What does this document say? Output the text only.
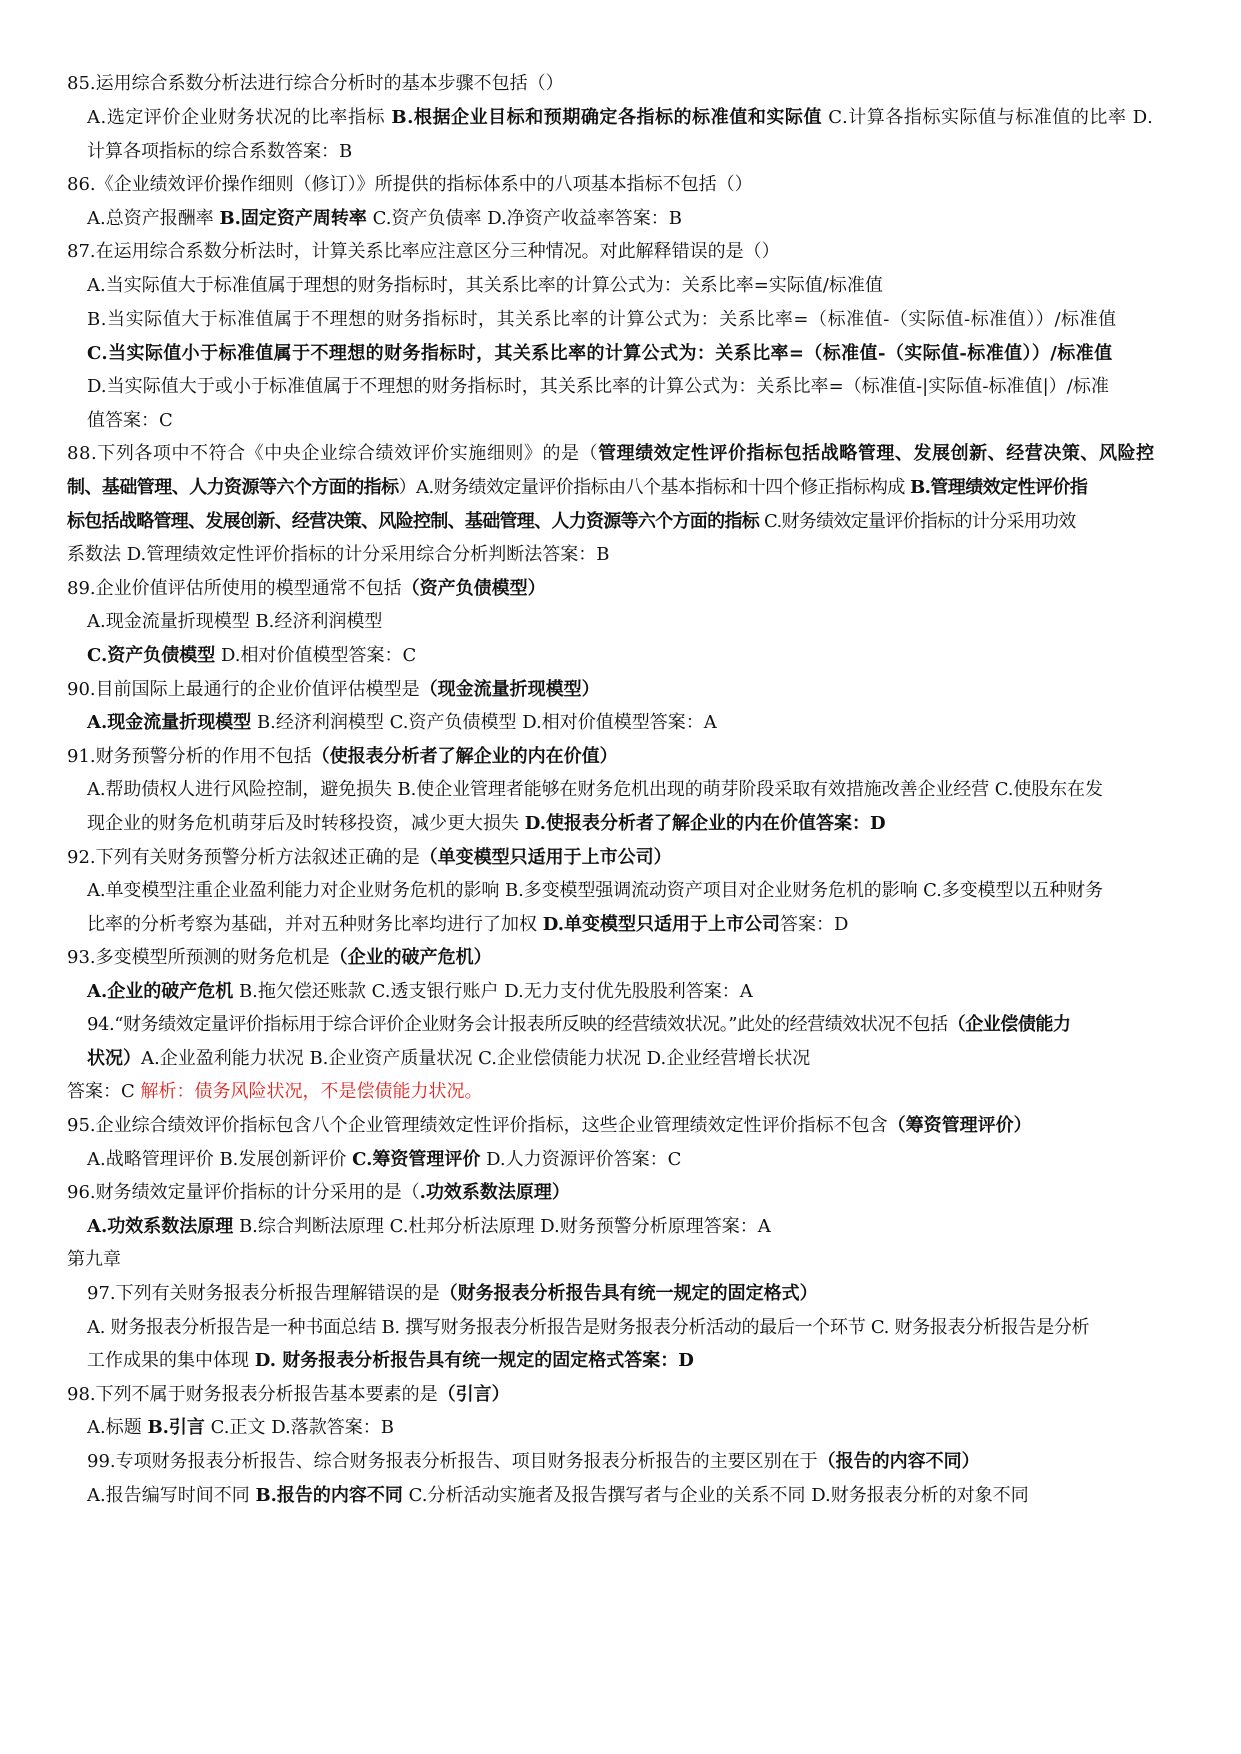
85.运用综合系数分析法进行综合分析时的基本步骤不包括（）
A.选定评价企业财务状况的比率指标 B.根据企业目标和预期确定各指标的标准值和实际值 C.计算各指标实际值与标准值的比率 D.
计算各项指标的综合系数答案：B
86.《企业绩效评价操作细则（修订）》所提供的指标体系中的八项基本指标不包括（）
A.总资产报酬率 B.固定资产周转率 C.资产负债率 D.净资产收益率答案：B
87.在运用综合系数分析法时，计算关系比率应注意区分三种情况。对此解释错误的是（）
A.当实际值大于标准值属于理想的财务指标时，其关系比率的计算公式为：关系比率=实际值/标准值
B.当实际值大于标准值属于不理想的财务指标时，其关系比率的计算公式为：关系比率=（标准值-（实际值-标准值））/标准值
C.当实际值小于标准值属于不理想的财务指标时，其关系比率的计算公式为：关系比率=（标准值-（实际值-标准值））/标准值
D.当实际值大于或小于标准值属于不理想的财务指标时，其关系比率的计算公式为：关系比率=（标准值-|实际值-标准值|）/标准
值答案：C
88.下列各项中不符合《中央企业综合绩效评价实施细则》的是（管理绩效定性评价指标包括战略管理、发展创新、经营决策、风险控
制、基础管理、人力资源等六个方面的指标）A.财务绩效定量评价指标由八个基本指标和十四个修正指标构成 B.管理绩效定性评价指
标包括战略管理、发展创新、经营决策、风险控制、基础管理、人力资源等六个方面的指标 C.财务绩效定量评价指标的计分采用功效
系数法 D.管理绩效定性评价指标的计分采用综合分析判断法答案：B
89.企业价值评估所使用的模型通常不包括（资产负债模型）
A.现金流量折现模型 B.经济利润模型
C.资产负债模型 D.相对价值模型答案：C
90.目前国际上最通行的企业价值评估模型是（现金流量折现模型）
A.现金流量折现模型 B.经济利润模型 C.资产负债模型 D.相对价值模型答案：A
91.财务预警分析的作用不包括（使报表分析者了解企业的内在价值）
A.帮助债权人进行风险控制，避免损失 B.使企业管理者能够在财务危机出现的萌芽阶段采取有效措施改善企业经营 C.使股东在发
现企业的财务危机萌芽后及时转移投资，减少更大损失 D.使报表分析者了解企业的内在价值答案：D
92.下列有关财务预警分析方法叙述正确的是（单变模型只适用于上市公司）
A.单变模型注重企业盈利能力对企业财务危机的影响 B.多变模型强调流动资产项目对企业财务危机的影响 C.多变模型以五种财务
比率的分析考察为基础，并对五种财务比率均进行了加权 D.单变模型只适用于上市公司答案：D
93.多变模型所预测的财务危机是（企业的破产危机）
A.企业的破产危机 B.拖欠偿还账款 C.透支银行账户 D.无力支付优先股股利答案：A
94.“财务绩效定量评价指标用于综合评价企业财务会计报表所反映的经营绩效状况。”此处的经营绩效状况不包括（企业偿债能力
状况）A.企业盈利能力状况 B.企业资产质量状况 C.企业偿债能力状况 D.企业经营增长状况
答案：C 解析：债务风险状况，不是偿债能力状况。
95.企业综合绩效评价指标包含八个企业管理绩效定性评价指标，这些企业管理绩效定性评价指标不包含（筹资管理评价）
A.战略管理评价 B.发展创新评价 C.筹资管理评价 D.人力资源评价答案：C
96.财务绩效定量评价指标的计分采用的是（.功效系数法原理）
A.功效系数法原理 B.综合判断法原理 C.杜邦分析法原理 D.财务预警分析原理答案：A
第九章
97.下列有关财务报表分析报告理解错误的是（财务报表分析报告具有统一规定的固定格式）
A. 财务报表分析报告是一种书面总结 B. 撰写财务报表分析报告是财务报表分析活动的最后一个环节 C. 财务报表分析报告是分析
工作成果的集中体现 D. 财务报表分析报告具有统一规定的固定格式答案：D
98.下列不属于财务报表分析报告基本要素的是（引言）
A.标题 B.引言 C.正文 D.落款答案：B
99.专项财务报表分析报告、综合财务报表分析报告、项目财务报表分析报告的主要区别在于（报告的内容不同）
A.报告编写时间不同 B.报告的内容不同 C.分析活动实施者及报告撰写者与企业的关系不同 D.财务报表分析的对象不同
